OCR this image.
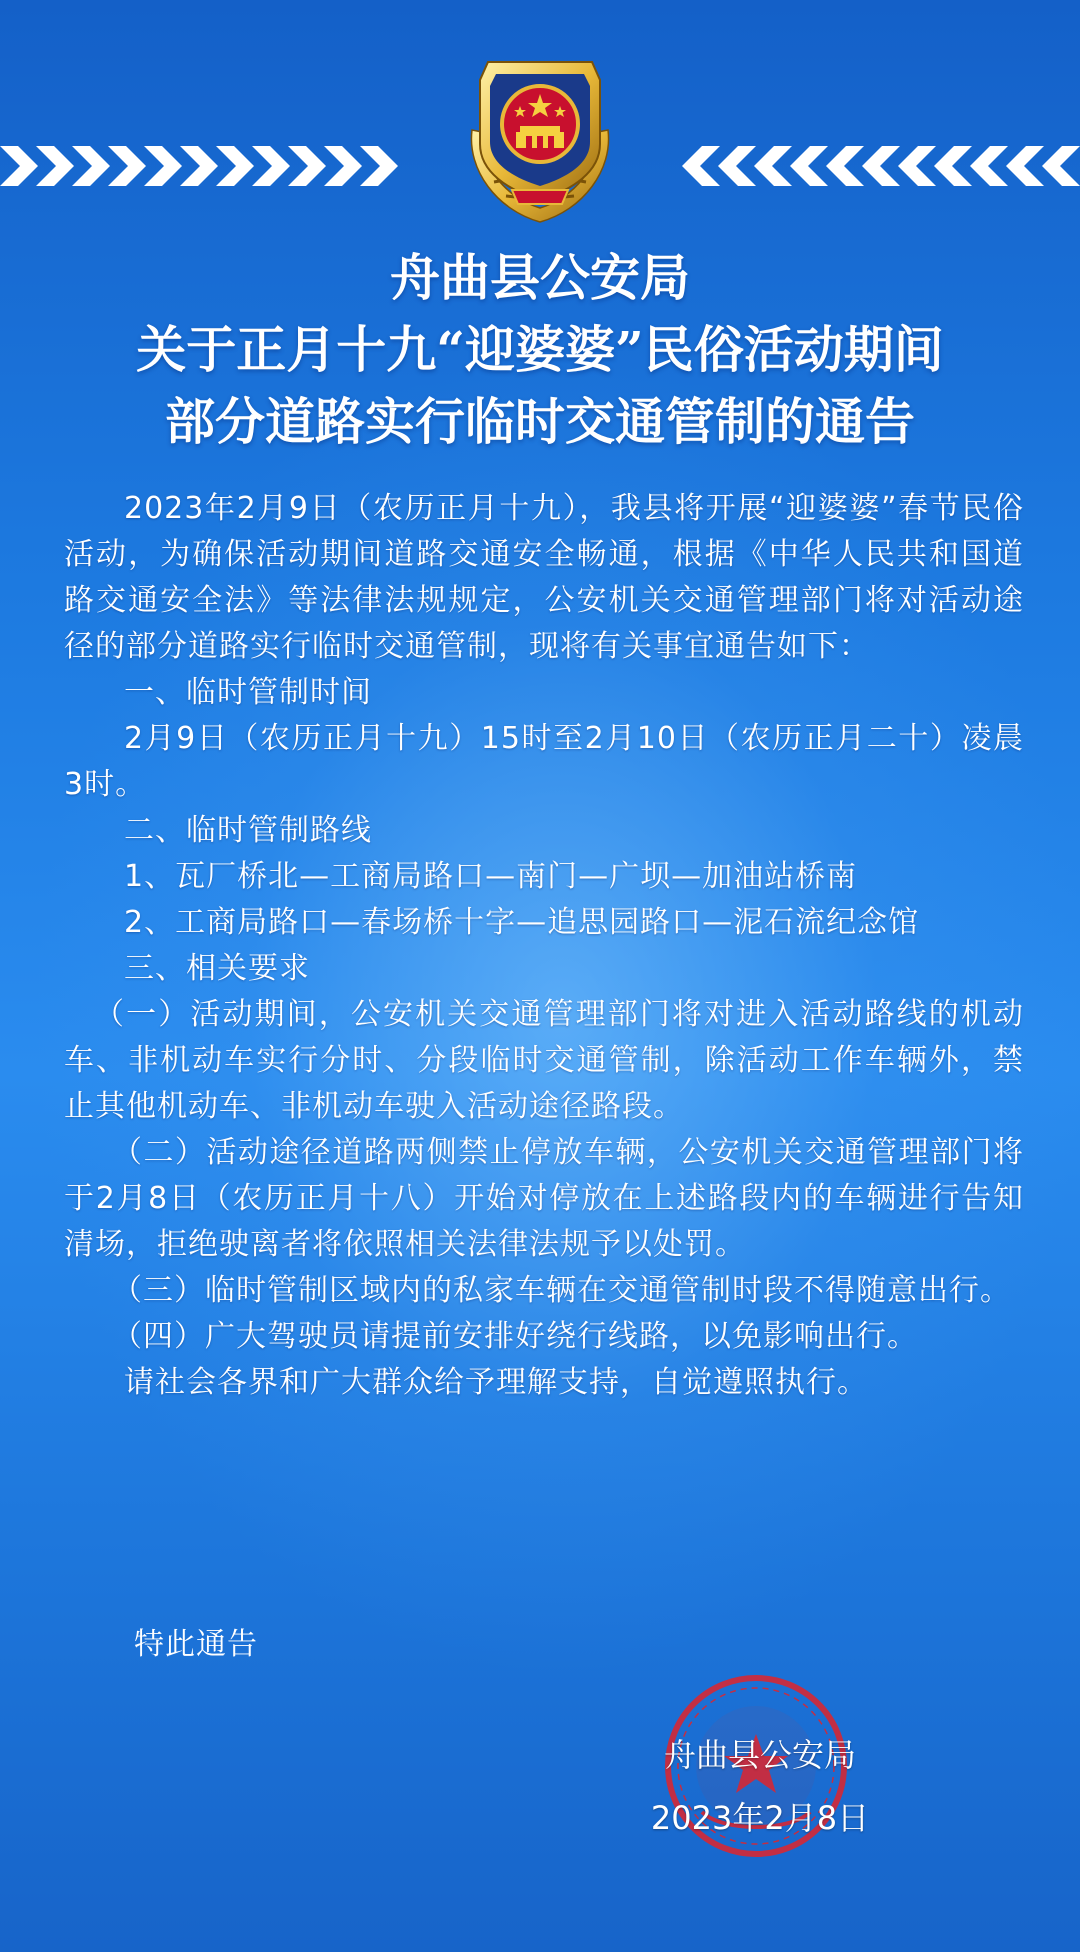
舟曲县公安局
关于正月十九“迎婆婆”民俗活动期间
部分道路实行临时交通管制的通告

2023年2月9日（农历正月十九），我县将开展“迎婆婆”春节民俗活动，为确保活动期间道路交通安全畅通，根据《中华人民共和国道路交通安全法》等法律法规规定，公安机关交通管理部门将对活动途径的部分道路实行临时交通管制，现将有关事宜通告如下：

一、临时管制时间

2月9日（农历正月十九）15时至2月10日（农历正月二十）凌晨3时。

二、临时管制路线

1、瓦厂桥北—工商局路口—南门—广坝—加油站桥南

2、工商局路口—春场桥十字—追思园路口—泥石流纪念馆

三、相关要求

（一）活动期间，公安机关交通管理部门将对进入活动路线的机动车、非机动车实行分时、分段临时交通管制，除活动工作车辆外，禁止其他机动车、非机动车驶入活动途径路段。

（二）活动途径道路两侧禁止停放车辆，公安机关交通管理部门将于2月8日（农历正月十八）开始对停放在上述路段内的车辆进行告知清场，拒绝驶离者将依照相关法律法规予以处罚。

（三）临时管制区域内的私家车辆在交通管制时段不得随意出行。

（四）广大驾驶员请提前安排好绕行线路，以免影响出行。

请社会各界和广大群众给予理解支持，自觉遵照执行。

特此通告
舟曲县公安局
2023年2月8日
